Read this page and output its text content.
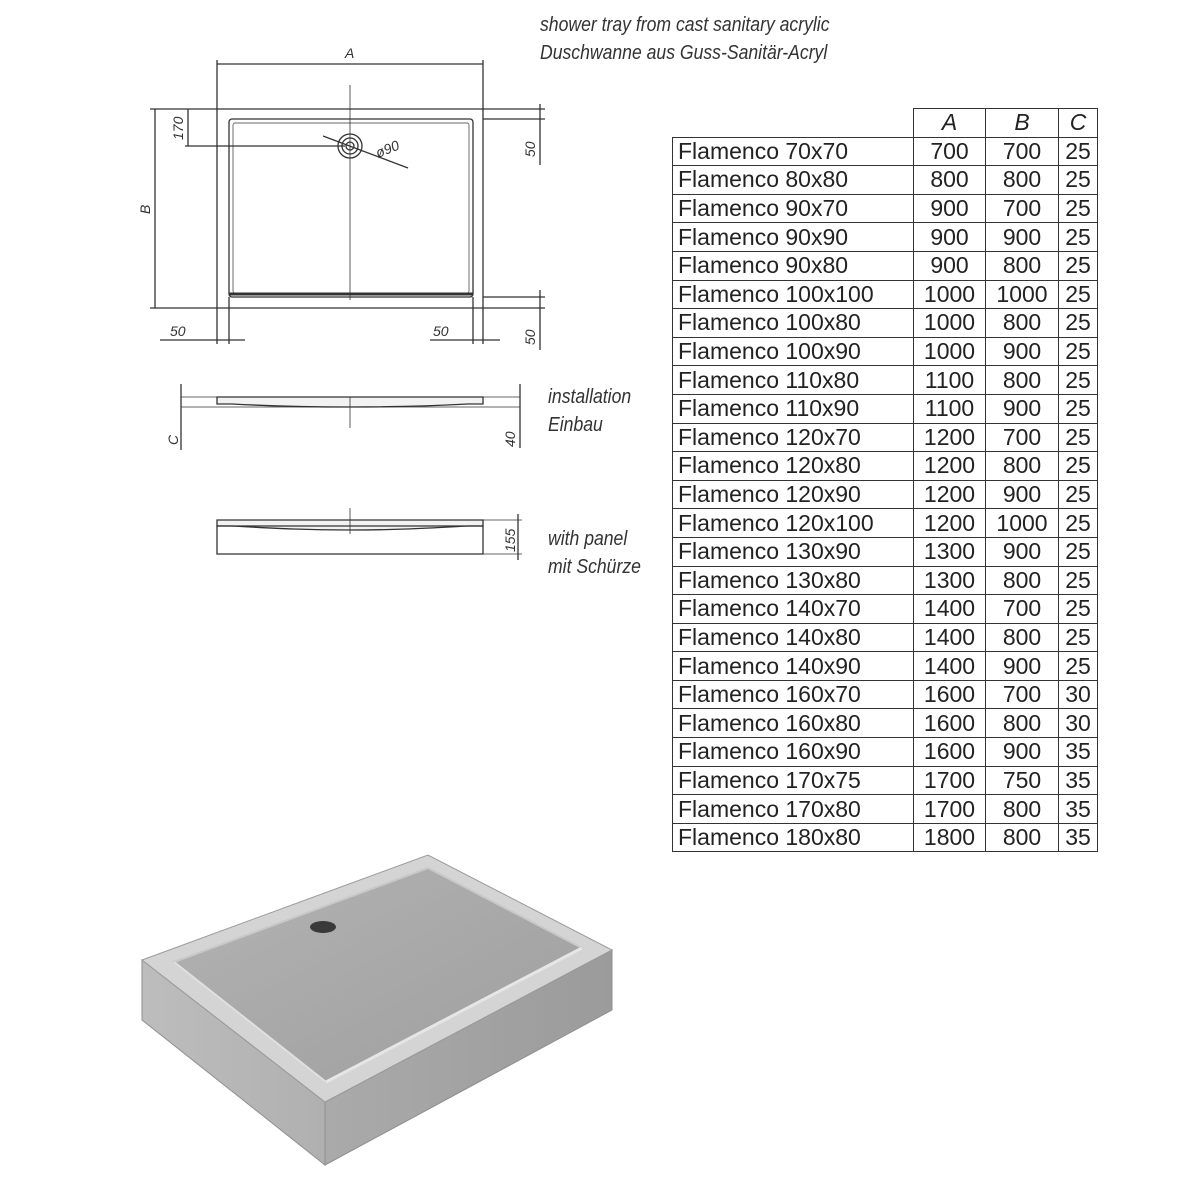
shower tray from cast sanitary acrylic
Duschwanne aus Guss-Sanitär-Acryl
A
B
170
50
ø90
50	50	50
C	40
155
installation
Einbau
with panel
mit Schürze
	A	B	C
Flamenco 70x70	700	700	25
Flamenco 80x80	800	800	25
Flamenco 90x70	900	700	25
Flamenco 90x90	900	900	25
Flamenco 90x80	900	800	25
Flamenco 100x100	1000	1000	25
Flamenco 100x80	1000	800	25
Flamenco 100x90	1000	900	25
Flamenco 110x80	1100	800	25
Flamenco 110x90	1100	900	25
Flamenco 120x70	1200	700	25
Flamenco 120x80	1200	800	25
Flamenco 120x90	1200	900	25
Flamenco 120x100	1200	1000	25
Flamenco 130x90	1300	900	25
Flamenco 130x80	1300	800	25
Flamenco 140x70	1400	700	25
Flamenco 140x80	1400	800	25
Flamenco 140x90	1400	900	25
Flamenco 160x70	1600	700	30
Flamenco 160x80	1600	800	30
Flamenco 160x90	1600	900	35
Flamenco 170x75	1700	750	35
Flamenco 170x80	1700	800	35
Flamenco 180x80	1800	800	35
